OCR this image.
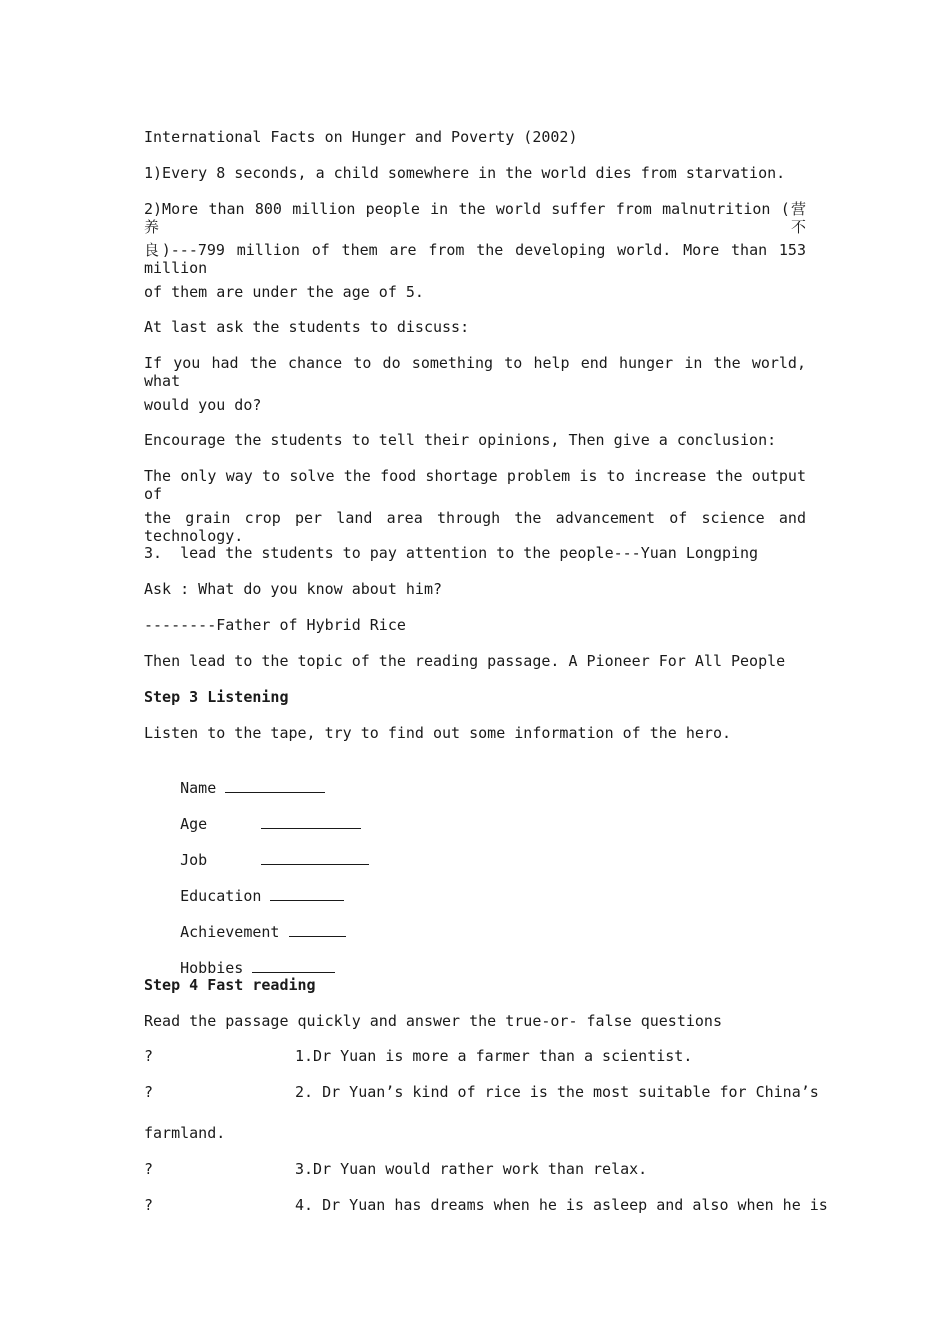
International Facts on Hunger and Poverty (2002)
1)Every 8 seconds, a child somewhere in the world dies from starvation.
2)More than 800 million people in the world suffer from malnutrition (营养不
良)---799 million of them are from the developing world. More than 153 million
of them are under the age of 5.
At last ask the students to discuss:
If you had the chance to do something to help end hunger in the world, what
would you do?
Encourage the students to tell their opinions, Then give a conclusion:
The only way to solve the food shortage problem is to increase the output of
the grain crop per land area through the advancement of science and technology.
3.  lead the students to pay attention to the people---Yuan Longping
Ask : What do you know about him?
--------Father of Hybrid Rice
Then lead to the topic of the reading passage. A Pioneer For All People
Step 3 Listening
Listen to the tape, try to find out some information of the hero.

Name

Age

Job

Education

Achievement

Hobbies

Step 4 Fast reading
Read the passage quickly and answer the true-or- false questions
?	1.Dr Yuan is more a farmer than a scientist.
?	2. Dr Yuan’s kind of rice is the most suitable for China’s
farmland.
?	3.Dr Yuan would rather work than relax.
?	4. Dr Yuan has dreams when he is asleep and also when he is
